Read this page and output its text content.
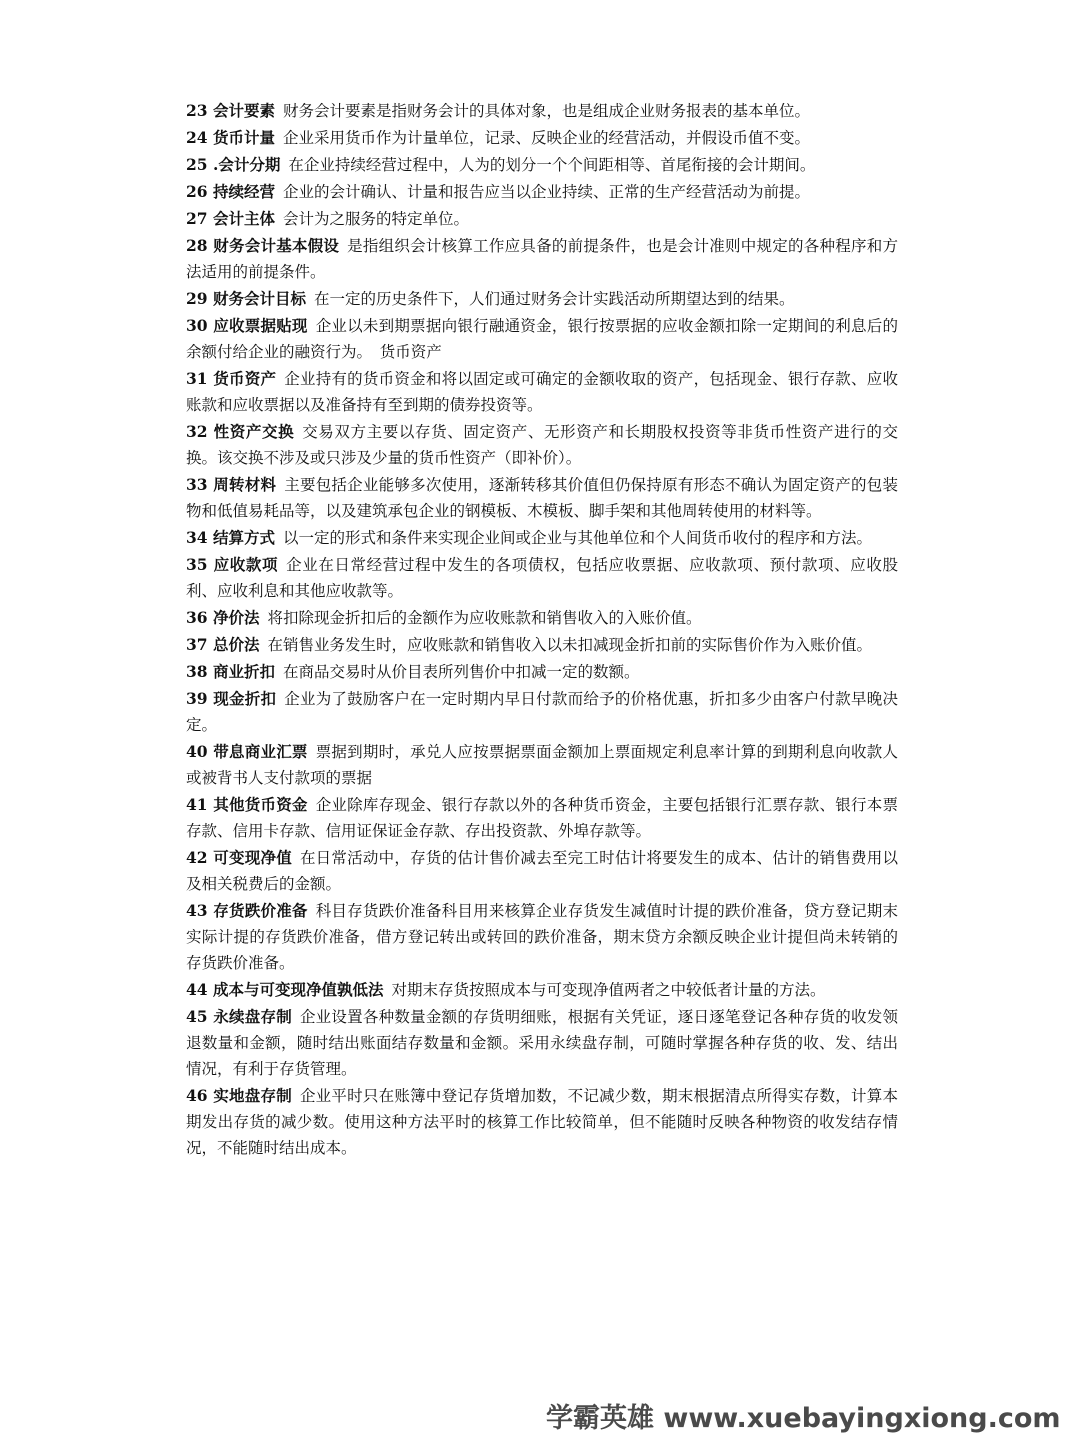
23 会计要素 财务会计要素是指财务会计的具体对象，也是组成企业财务报表的基本单位。

24 货币计量 企业采用货币作为计量单位，记录、反映企业的经营活动，并假设币值不变。

25 .会计分期 在企业持续经营过程中，人为的划分一个个间距相等、首尾衔接的会计期间。

26 持续经营 企业的会计确认、计量和报告应当以企业持续、正常的生产经营活动为前提。

27 会计主体 会计为之服务的特定单位。

28 财务会计基本假设 是指组织会计核算工作应具备的前提条件，也是会计准则中规定的各种程序和方法适用的前提条件。

29 财务会计目标 在一定的历史条件下，人们通过财务会计实践活动所期望达到的结果。

30 应收票据贴现 企业以未到期票据向银行融通资金，银行按票据的应收金额扣除一定期间的利息后的余额付给企业的融资行为。　货币资产

31 货币资产 企业持有的货币资金和将以固定或可确定的金额收取的资产，包括现金、银行存款、应收账款和应收票据以及准备持有至到期的债券投资等。

32 性资产交换 交易双方主要以存货、固定资产、无形资产和长期股权投资等非货币性资产进行的交换。该交换不涉及或只涉及少量的货币性资产（即补价）。

33 周转材料 主要包括企业能够多次使用，逐渐转移其价值但仍保持原有形态不确认为固定资产的包装物和低值易耗品等，以及建筑承包企业的钢模板、木模板、脚手架和其他周转使用的材料等。

34 结算方式 以一定的形式和条件来实现企业间或企业与其他单位和个人间货币收付的程序和方法。

35 应收款项 企业在日常经营过程中发生的各项债权，包括应收票据、应收款项、预付款项、应收股利、应收利息和其他应收款等。

36 净价法 将扣除现金折扣后的金额作为应收账款和销售收入的入账价值。

37 总价法 在销售业务发生时，应收账款和销售收入以未扣减现金折扣前的实际售价作为入账价值。

38 商业折扣 在商品交易时从价目表所列售价中扣减一定的数额。

39 现金折扣 企业为了鼓励客户在一定时期内早日付款而给予的价格优惠，折扣多少由客户付款早晚决定。

40 带息商业汇票 票据到期时，承兑人应按票据票面金额加上票面规定利息率计算的到期利息向收款人或被背书人支付款项的票据

41 其他货币资金 企业除库存现金、银行存款以外的各种货币资金，主要包括银行汇票存款、银行本票存款、信用卡存款、信用证保证金存款、存出投资款、外埠存款等。

42 可变现净值 在日常活动中，存货的估计售价减去至完工时估计将要发生的成本、估计的销售费用以及相关税费后的金额。

43 存货跌价准备 科目存货跌价准备科目用来核算企业存货发生减值时计提的跌价准备，贷方登记期末实际计提的存货跌价准备，借方登记转出或转回的跌价准备，期末贷方余额反映企业计提但尚未转销的存货跌价准备。

44 成本与可变现净值孰低法 对期末存货按照成本与可变现净值两者之中较低者计量的方法。

45 永续盘存制 企业设置各种数量金额的存货明细账，根据有关凭证，逐日逐笔登记各种存货的收发领退数量和金额，随时结出账面结存数量和金额。采用永续盘存制，可随时掌握各种存货的收、发、结出情况，有利于存货管理。

46 实地盘存制 企业平时只在账簿中登记存货增加数，不记减少数，期末根据清点所得实存数，计算本期发出存货的减少数。使用这种方法平时的核算工作比较简单，但不能随时反映各种物资的收发结存情况，不能随时结出成本。

学霸英雄 www.xuebayingxiong.com
